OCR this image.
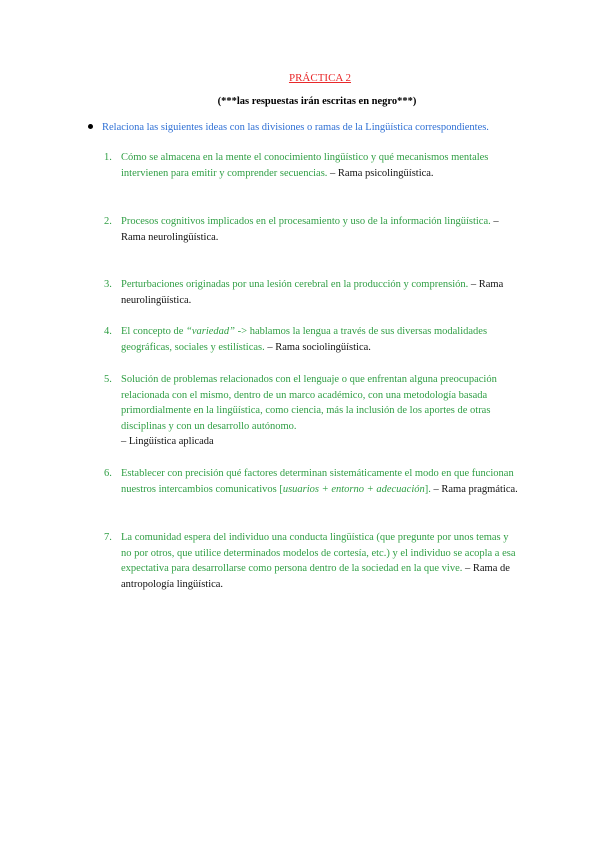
PRÁCTICA 2
(***las respuestas irán escritas en negro***)
Relaciona las siguientes ideas con las divisiones o ramas de la Lingüística correspondientes.
1. Cómo se almacena en la mente el conocimiento lingüístico y qué mecanismos mentales intervienen para emitir y comprender secuencias. – Rama psicolingüística.
2. Procesos cognitivos implicados en el procesamiento y uso de la información lingüística. – Rama neurolingüística.
3. Perturbaciones originadas por una lesión cerebral en la producción y comprensión. – Rama neurolingüística.
4. El concepto de “variedad” -> hablamos la lengua a través de sus diversas modalidades geográficas, sociales y estilísticas. – Rama sociolingüística.
5. Solución de problemas relacionados con el lenguaje o que enfrentan alguna preocupación relacionada con el mismo, dentro de un marco académico, con una metodología basada primordialmente en la lingüística, como ciencia, más la inclusión de los aportes de otras disciplinas y con un desarrollo autónomo.
– Lingüística aplicada
6. Establecer con precisión qué factores determinan sistemáticamente el modo en que funcionan nuestros intercambios comunicativos [usuarios + entorno + adecuación]. – Rama pragmática.
7. La comunidad espera del individuo una conducta lingüística (que pregunte por unos temas y no por otros, que utilice determinados modelos de cortesía, etc.) y el individuo se acopla a esa expectativa para desarrollarse como persona dentro de la sociedad en la que vive. – Rama de antropología lingüística.
